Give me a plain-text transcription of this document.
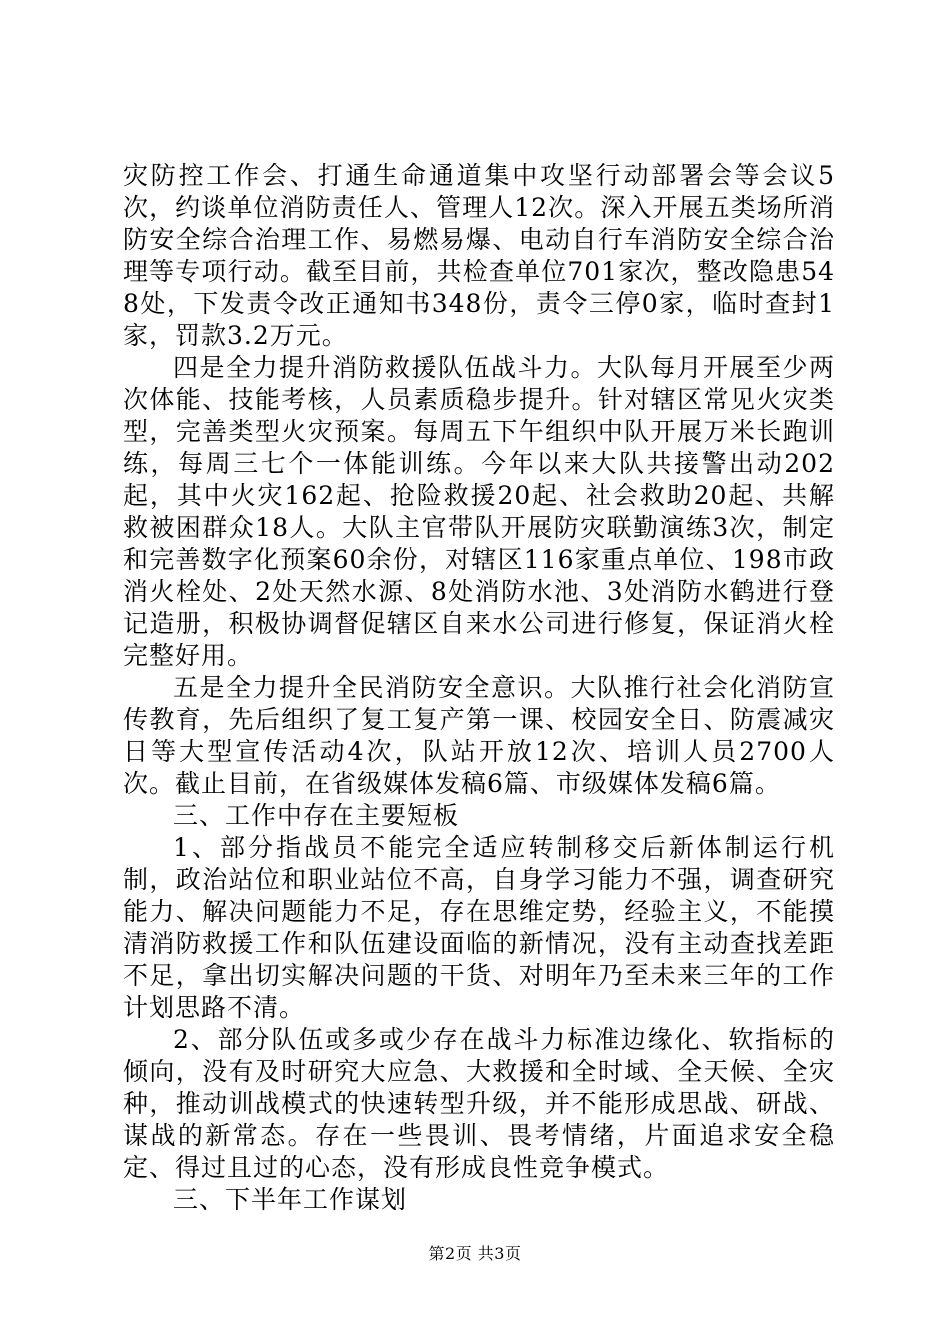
灾防控工作会、打通生命通道集中攻坚行动部署会等会议5次，约谈单位消防责任人、管理人12次。深入开展五类场所消防安全综合治理工作、易燃易爆、电动自行车消防安全综合治理等专项行动。截至目前，共检查单位701家次，整改隐患548处，下发责令改正通知书348份，责令三停0家，临时查封1家，罚款3.2万元。

四是全力提升消防救援队伍战斗力。大队每月开展至少两次体能、技能考核，人员素质稳步提升。针对辖区常见火灾类型，完善类型火灾预案。每周五下午组织中队开展万米长跑训练，每周三七个一体能训练。今年以来大队共接警出动202起，其中火灾162起、抢险救援20起、社会救助20起、共解救被困群众18人。大队主官带队开展防灾联勤演练3次，制定和完善数字化预案60余份，对辖区116家重点单位、198市政消火栓处、2处天然水源、8处消防水池、3处消防水鹤进行登记造册，积极协调督促辖区自来水公司进行修复，保证消火栓完整好用。

五是全力提升全民消防安全意识。大队推行社会化消防宣传教育，先后组织了复工复产第一课、校园安全日、防震减灾日等大型宣传活动4次，队站开放12次、培训人员2700人次。截止目前，在省级媒体发稿6篇、市级媒体发稿6篇。

三、工作中存在主要短板

1、部分指战员不能完全适应转制移交后新体制运行机制，政治站位和职业站位不高，自身学习能力不强，调查研究能力、解决问题能力不足，存在思维定势，经验主义，不能摸清消防救援工作和队伍建设面临的新情况，没有主动查找差距不足，拿出切实解决问题的干货、对明年乃至未来三年的工作计划思路不清。

2、部分队伍或多或少存在战斗力标准边缘化、软指标的倾向，没有及时研究大应急、大救援和全时域、全天候、全灾种，推动训战模式的快速转型升级，并不能形成思战、研战、谋战的新常态。存在一些畏训、畏考情绪，片面追求安全稳定、得过且过的心态，没有形成良性竞争模式。

三、下半年工作谋划

第2页 共3页
